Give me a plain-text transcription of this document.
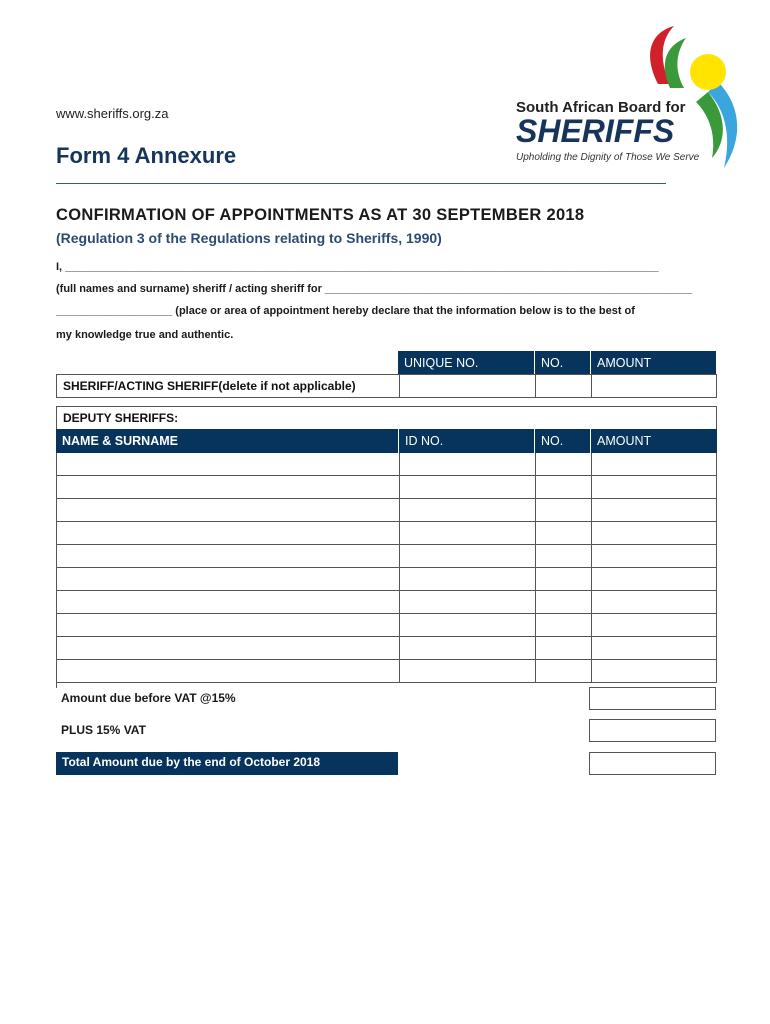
www.sheriffs.org.za	South African Board for
SHERIFFS
Upholding the Dignity of Those We Serve
Form 4 Annexure
CONFIRMATION OF APPOINTMENTS AS AT 30 SEPTEMBER 2018
(Regulation 3 of the Regulations relating to Sheriffs, 1990)
I, _________________________________________________________________________________________________
(full names and surname) sheriff / acting sheriff for ____________________________________________________________
___________________ (place or area of appointment hereby declare that the information below is to the best of
my knowledge true and authentic.
UNIQUE NO.	NO.	AMOUNT
SHERIFF/ACTING SHERIFF(delete if not applicable)
DEPUTY SHERIFFS:
NAME & SURNAME	ID NO.	NO.	AMOUNT
Amount due before VAT @15%
PLUS 15% VAT
Total Amount due by the end of October 2018
